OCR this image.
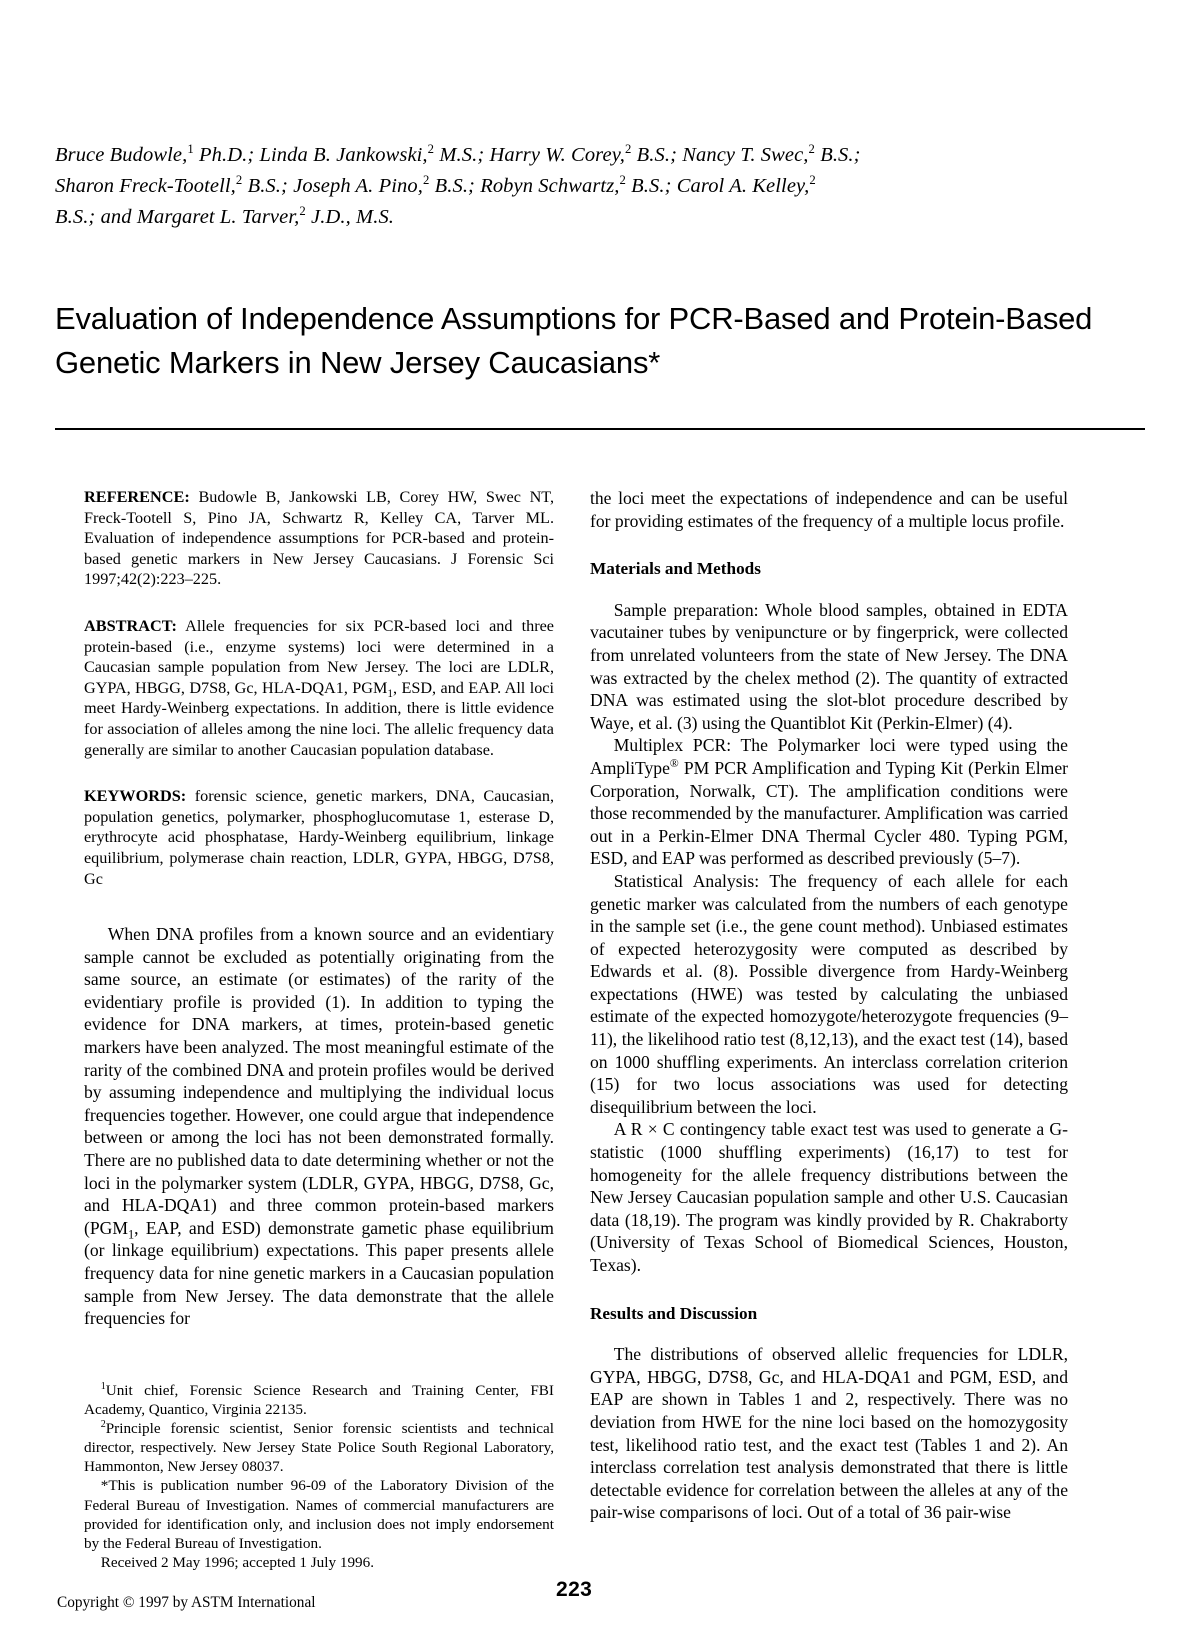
Bruce Budowle,$^1$ Ph.D.; Linda B. Jankowski,$^2$ M.S.; Harry W. Corey,$^2$ B.S.; Nancy T. Swec,$^2$ B.S.;
Sharon Freck-Tootell,$^2$ B.S.; Joseph A. Pino,$^2$ B.S.; Robyn Schwartz,$^2$ B.S.; Carol A. Kelley,$^2$
B.S.; and Margaret L. Tarver,$^2$ J.D., M.S.
Evaluation of Independence Assumptions for PCR-Based and Protein-Based Genetic Markers in New Jersey Caucasians*

REFERENCE: Budowle B, Jankowski LB, Corey HW, Swec NT, Freck-Tootell S, Pino JA, Schwartz R, Kelley CA, Tarver ML. Evaluation of independence assumptions for PCR-based and protein-based genetic markers in New Jersey Caucasians. J Forensic Sci 1997;42(2):223–225.

ABSTRACT: Allele frequencies for six PCR-based loci and three protein-based (i.e., enzyme systems) loci were determined in a Caucasian sample population from New Jersey. The loci are LDLR, GYPA, HBGG, D7S8, Gc, HLA-DQA1, $PGM_1$, ESD, and EAP. All loci meet Hardy-Weinberg expectations. In addition, there is little evidence for association of alleles among the nine loci. The allelic frequency data generally are similar to another Caucasian population database.

KEYWORDS: forensic science, genetic markers, DNA, Caucasian, population genetics, polymarker, phosphoglucomutase 1, esterase D, erythrocyte acid phosphatase, Hardy-Weinberg equilibrium, linkage equilibrium, polymerase chain reaction, LDLR, GYPA, HBGG, D7S8, Gc

When DNA profiles from a known source and an evidentiary sample cannot be excluded as potentially originating from the same source, an estimate (or estimates) of the rarity of the evidentiary profile is provided (1). In addition to typing the evidence for DNA markers, at times, protein-based genetic markers have been analyzed. The most meaningful estimate of the rarity of the combined DNA and protein profiles would be derived by assuming independence and multiplying the individual locus frequencies together. However, one could argue that independence between or among the loci has not been demonstrated formally. There are no published data to date determining whether or not the loci in the polymarker system (LDLR, GYPA, HBGG, D7S8, Gc, and HLA-DQA1) and three common protein-based markers ($PGM_1$, EAP, and ESD) demonstrate gametic phase equilibrium (or linkage equilibrium) expectations. This paper presents allele frequency data for nine genetic markers in a Caucasian population sample from New Jersey. The data demonstrate that the allele frequencies for

the loci meet the expectations of independence and can be useful for providing estimates of the frequency of a multiple locus profile.

Materials and Methods

Sample preparation: Whole blood samples, obtained in EDTA vacutainer tubes by venipuncture or by fingerprick, were collected from unrelated volunteers from the state of New Jersey. The DNA was extracted by the chelex method (2). The quantity of extracted DNA was estimated using the slot-blot procedure described by Waye, et al. (3) using the Quantiblot Kit (Perkin-Elmer) (4).

Multiplex PCR: The Polymarker loci were typed using the AmpliType® PM PCR Amplification and Typing Kit (Perkin Elmer Corporation, Norwalk, CT). The amplification conditions were those recommended by the manufacturer. Amplification was carried out in a Perkin-Elmer DNA Thermal Cycler 480. Typing PGM, ESD, and EAP was performed as described previously (5–7).

Statistical Analysis: The frequency of each allele for each genetic marker was calculated from the numbers of each genotype in the sample set (i.e., the gene count method). Unbiased estimates of expected heterozygosity were computed as described by Edwards et al. (8). Possible divergence from Hardy-Weinberg expectations (HWE) was tested by calculating the unbiased estimate of the expected homozygote/heterozygote frequencies (9–11), the likelihood ratio test (8,12,13), and the exact test (14), based on 1000 shuffling experiments. An interclass correlation criterion (15) for two locus associations was used for detecting disequilibrium between the loci.

A R × C contingency table exact test was used to generate a G-statistic (1000 shuffling experiments) (16,17) to test for homogeneity for the allele frequency distributions between the New Jersey Caucasian population sample and other U.S. Caucasian data (18,19). The program was kindly provided by R. Chakraborty (University of Texas School of Biomedical Sciences, Houston, Texas).

Results and Discussion

The distributions of observed allelic frequencies for LDLR, GYPA, HBGG, D7S8, Gc, and HLA-DQA1 and PGM, ESD, and EAP are shown in Tables 1 and 2, respectively. There was no deviation from HWE for the nine loci based on the homozygosity test, likelihood ratio test, and the exact test (Tables 1 and 2). An interclass correlation test analysis demonstrated that there is little detectable evidence for correlation between the alleles at any of the pair-wise comparisons of loci. Out of a total of 36 pair-wise

$^1$Unit chief, Forensic Science Research and Training Center, FBI Academy, Quantico, Virginia 22135.

$^2$Principle forensic scientist, Senior forensic scientists and technical director, respectively. New Jersey State Police South Regional Laboratory, Hammonton, New Jersey 08037.

*This is publication number 96-09 of the Laboratory Division of the Federal Bureau of Investigation. Names of commercial manufacturers are provided for identification only, and inclusion does not imply endorsement by the Federal Bureau of Investigation.

Received 2 May 1996; accepted 1 July 1996.

Copyright © 1997 by ASTM International
223
